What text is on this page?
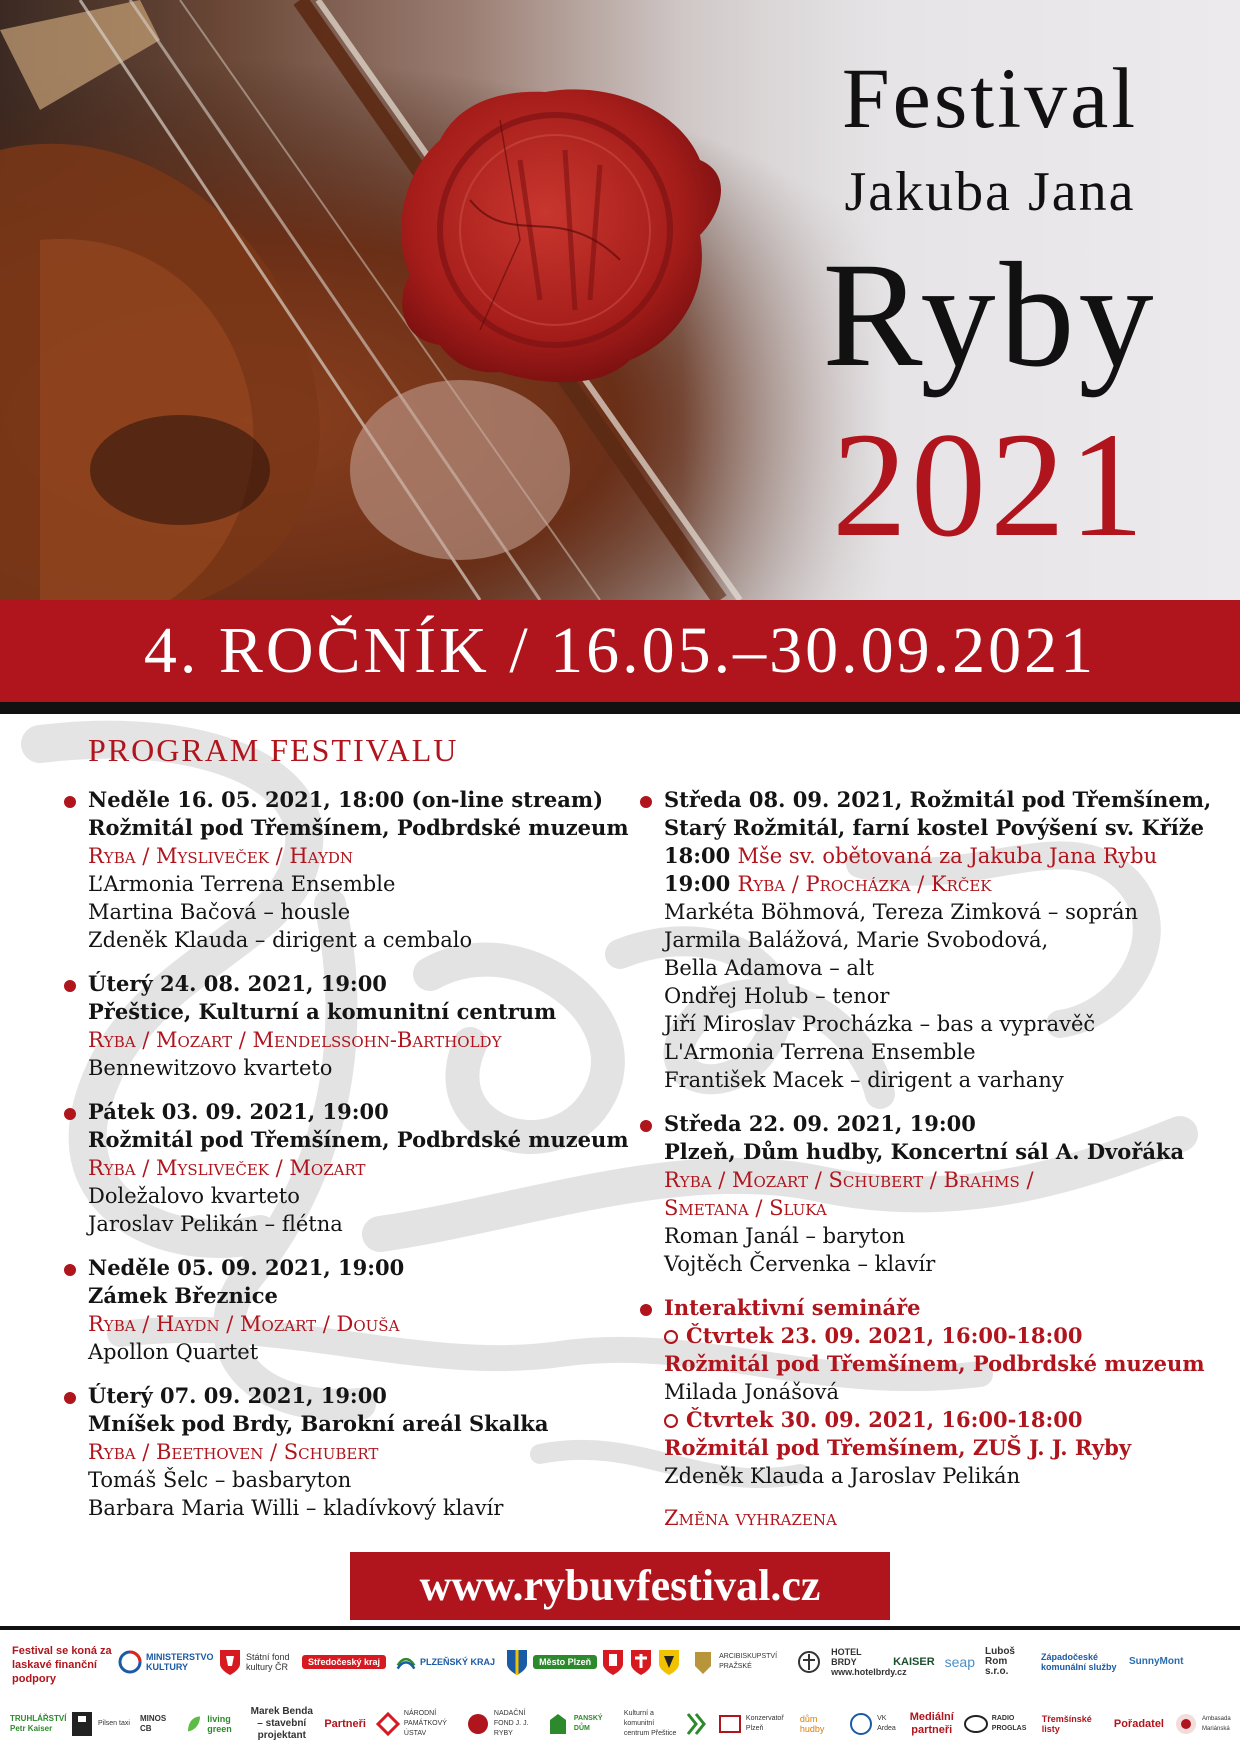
Festival
Jakuba Jana
Ryby
2021
4. ROČNÍK / 16.05.–30.09.2021
PROGRAM FESTIVALU
Neděle 16. 05. 2021, 18:00 (on-line stream)
Rožmitál pod Třemšínem, Podbrdské muzeum
Ryba / Mysliveček / Haydn
L’Armonia Terrena Ensemble
Martina Bačová – housle
Zdeněk Klauda – dirigent a cembalo
Úterý 24. 08. 2021, 19:00
Přeštice, Kulturní a komunitní centrum
Ryba / Mozart / Mendelssohn-Bartholdy
Bennewitzovo kvarteto
Pátek 03. 09. 2021, 19:00
Rožmitál pod Třemšínem, Podbrdské muzeum
Ryba / Mysliveček / Mozart
Doležalovo kvarteto
Jaroslav Pelikán – flétna
Neděle 05. 09. 2021, 19:00
Zámek Březnice
Ryba / Haydn / Mozart / Douša
Apollon Quartet
Úterý 07. 09. 2021, 19:00
Mníšek pod Brdy, Barokní areál Skalka
Ryba / Beethoven / Schubert
Tomáš Šelc – basbaryton
Barbara Maria Willi – kladívkový klavír
Středa 08. 09. 2021, Rožmitál pod Třemšínem,
Starý Rožmitál, farní kostel Povýšení sv. Kříže
18:00 Mše sv. obětovaná za Jakuba Jana Rybu
19:00 Ryba / Procházka / Krček
Markéta Böhmová, Tereza Zimková – soprán
Jarmila Balážová, Marie Svobodová,
Bella Adamova – alt
Ondřej Holub – tenor
Jiří Miroslav Procházka – bas a vypravěč
L'Armonia Terrena Ensemble
František Macek – dirigent a varhany
Středa 22. 09. 2021, 19:00
Plzeň, Dům hudby, Koncertní sál A. Dvořáka
Ryba / Mozart / Schubert / Brahms /
Smetana / Sluka
Roman Janál – baryton
Vojtěch Červenka – klavír
Interaktivní semináře
Čtvrtek 23. 09. 2021, 16:00-18:00
Rožmitál pod Třemšínem, Podbrdské muzeum
Milada Jonášová
Čtvrtek 30. 09. 2021, 16:00-18:00
Rožmitál pod Třemšínem, ZUŠ J. J. Ryby
Zdeněk Klauda a Jaroslav Pelikán
Změna vyhrazena
www.rybuvfestival.cz
Festival se koná za laskavé finanční podpory
MINISTERSTVO KULTURY
Státní fond kultury ČR	Středočeský kraj	PLZEŇSKÝ KRAJ	Město Plzeň
ARCIBISKUPSTVÍ PRAŽSKÉ
HOTEL BRDY www.hotelbrdy.cz
KAISER seap
Luboš Rom s.r.o.
Západočeské komunální služby SunnyMont
TRUHLÁŘSTVÍ Petr Kaiser
Pilsen taxi
MINOS CB
living green
Marek Benda – stavební projektant
Partneři
NÁRODNÍ PAMÁTKOVÝ ÚSTAV
NADAČNÍ FOND J. J. RYBY
PANSKÝ DŮM
Kulturní a komunitní centrum Přeštice
Konzervatoř Plzeň
dům hudby
VK Ardea
Mediální partneři
RADIO PROGLAS
Třemšínské listy	Pořadatel	Ambasada Mariánská
